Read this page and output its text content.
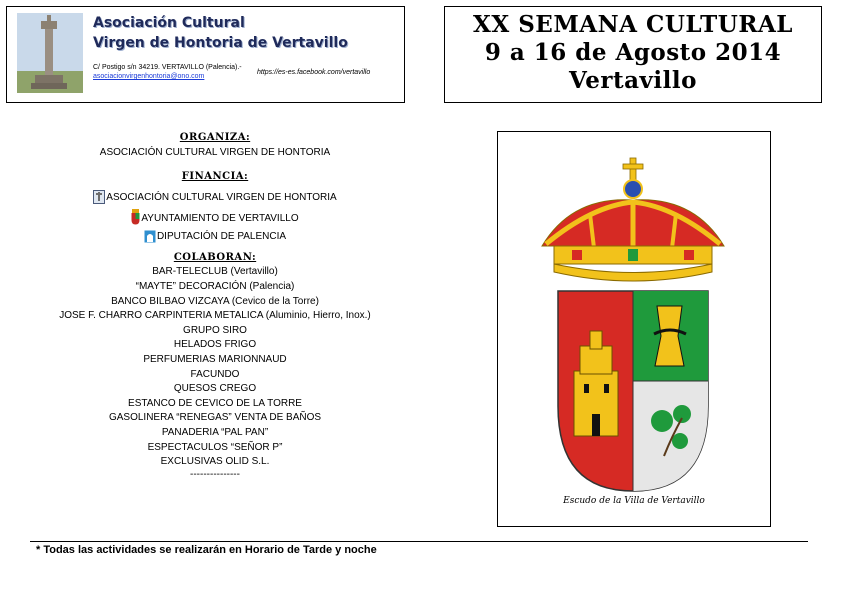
Asociación Cultural
Virgen de Hontoria de Vertavillo
C/ Postigo s/n 34219. VERTAVILLO (Palencia).-
asociacionvirgenhontoria@ono.com
https://es-es.facebook.com/vertavillo
XX SEMANA CULTURAL
9 a 16 de Agosto 2014
Vertavillo
ORGANIZA:
ASOCIACIÓN CULTURAL VIRGEN DE HONTORIA
FINANCIA:
ASOCIACIÓN CULTURAL VIRGEN DE HONTORIA
AYUNTAMIENTO DE VERTAVILLO
DIPUTACIÓN DE PALENCIA
COLABORAN:
BAR-TELECLUB (Vertavillo)
“MAYTE” DECORACIÓN (Palencia)
BANCO BILBAO VIZCAYA (Cevico de la Torre)
JOSE F. CHARRO CARPINTERIA METALICA (Aluminio, Hierro, Inox.)
GRUPO SIRO
HELADOS FRIGO
PERFUMERIAS MARIONNAUD
FACUNDO
QUESOS CREGO
ESTANCO DE CEVICO DE LA TORRE
GASOLINERA “RENEGAS” VENTA DE BAÑOS
PANADERIA “PAL PAN”
ESPECTACULOS “SEÑOR P”
EXCLUSIVAS OLID S.L.
---------------
Escudo de la Villa de Vertavillo
* Todas las actividades se realizarán en Horario de Tarde y noche
